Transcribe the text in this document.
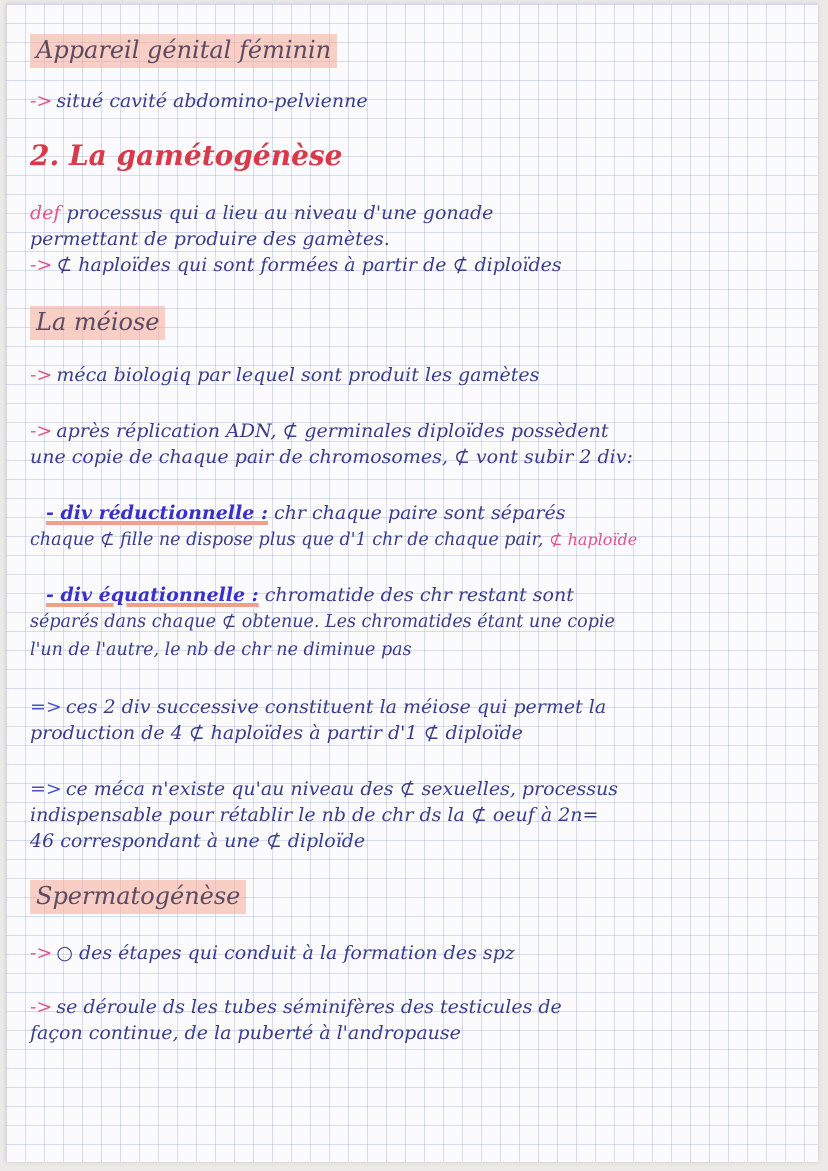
Appareil génital féminin
-> situé cavité abdomino-pelvienne
2. La gamétogénèse
def processus qui a lieu au niveau d'une gonade
permettant de produire des gamètes.
-> ⊄ haploïdes qui sont formées à partir de ⊄ diploïdes
La méiose
-> méca biologiq par lequel sont produit les gamètes
-> après réplication ADN, ⊄ germinales diploïdes possèdent
une copie de chaque pair de chromosomes, ⊄ vont subir 2 div:
- div réductionnelle : chr chaque paire sont séparés
chaque ⊄ fille ne dispose plus que d'1 chr de chaque pair, ⊄ haploïde
- div équationnelle : chromatide des chr restant sont
séparés dans chaque ⊄ obtenue. Les chromatides étant une copie
l'un de l'autre, le nb de chr ne diminue pas
=> ces 2 div successive constituent la méiose qui permet la
production de 4 ⊄ haploïdes à partir d'1 ⊄ diploïde
=> ce méca n'existe qu'au niveau des ⊄ sexuelles, processus
indispensable pour rétablir le nb de chr ds la ⊄ oeuf à 2n=
46 correspondant à une ⊄ diploïde
Spermatogénèse
-> ○ des étapes qui conduit à la formation des spz
-> se déroule ds les tubes séminifères des testicules de
façon continue, de la puberté à l'andropause
